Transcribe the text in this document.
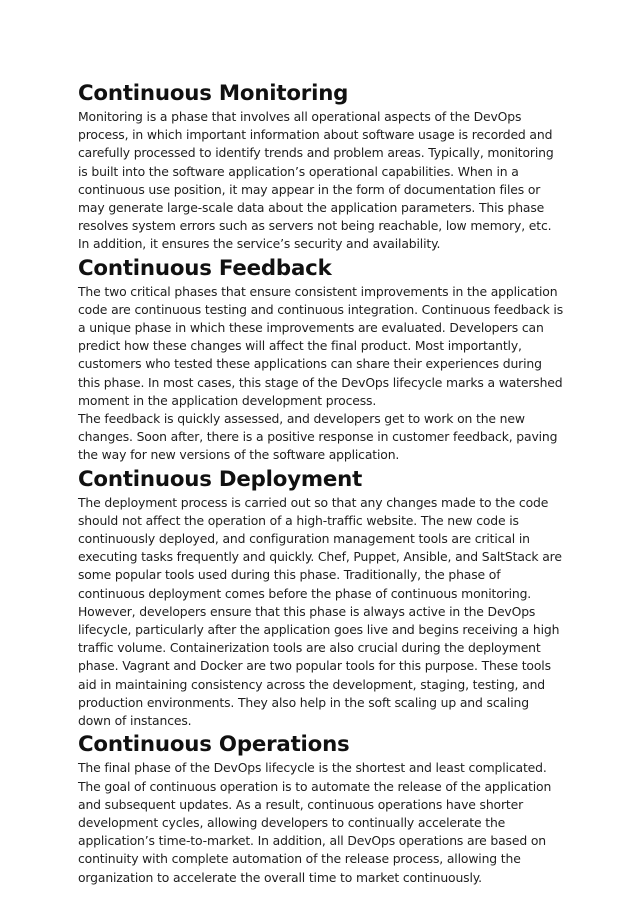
Continuous Monitoring

Monitoring is a phase that involves all operational aspects of the DevOps process, in which important information about software usage is recorded and carefully processed to identify trends and problem areas. Typically, monitoring is built into the software application’s operational capabilities. When in a continuous use position, it may appear in the form of documentation files or may generate large-scale data about the application parameters. This phase resolves system errors such as servers not being reachable, low memory, etc. In addition, it ensures the service’s security and availability.

Continuous Feedback

The two critical phases that ensure consistent improvements in the application code are continuous testing and continuous integration. Continuous feedback is a unique phase in which these improvements are evaluated. Developers can predict how these changes will affect the final product. Most importantly, customers who tested these applications can share their experiences during this phase. In most cases, this stage of the DevOps lifecycle marks a watershed moment in the application development process.

The feedback is quickly assessed, and developers get to work on the new changes. Soon after, there is a positive response in customer feedback, paving the way for new versions of the software application.

Continuous Deployment

The deployment process is carried out so that any changes made to the code should not affect the operation of a high-traffic website. The new code is continuously deployed, and configuration management tools are critical in executing tasks frequently and quickly. Chef, Puppet, Ansible, and SaltStack are some popular tools used during this phase. Traditionally, the phase of continuous deployment comes before the phase of continuous monitoring. However, developers ensure that this phase is always active in the DevOps lifecycle, particularly after the application goes live and begins receiving a high traffic volume. Containerization tools are also crucial during the deployment phase. Vagrant and Docker are two popular tools for this purpose. These tools aid in maintaining consistency across the development, staging, testing, and production environments. They also help in the soft scaling up and scaling down of instances.

Continuous Operations

The final phase of the DevOps lifecycle is the shortest and least complicated. The goal of continuous operation is to automate the release of the application and subsequent updates. As a result, continuous operations have shorter development cycles, allowing developers to continually accelerate the application’s time-to-market. In addition, all DevOps operations are based on continuity with complete automation of the release process, allowing the organization to accelerate the overall time to market continuously.
